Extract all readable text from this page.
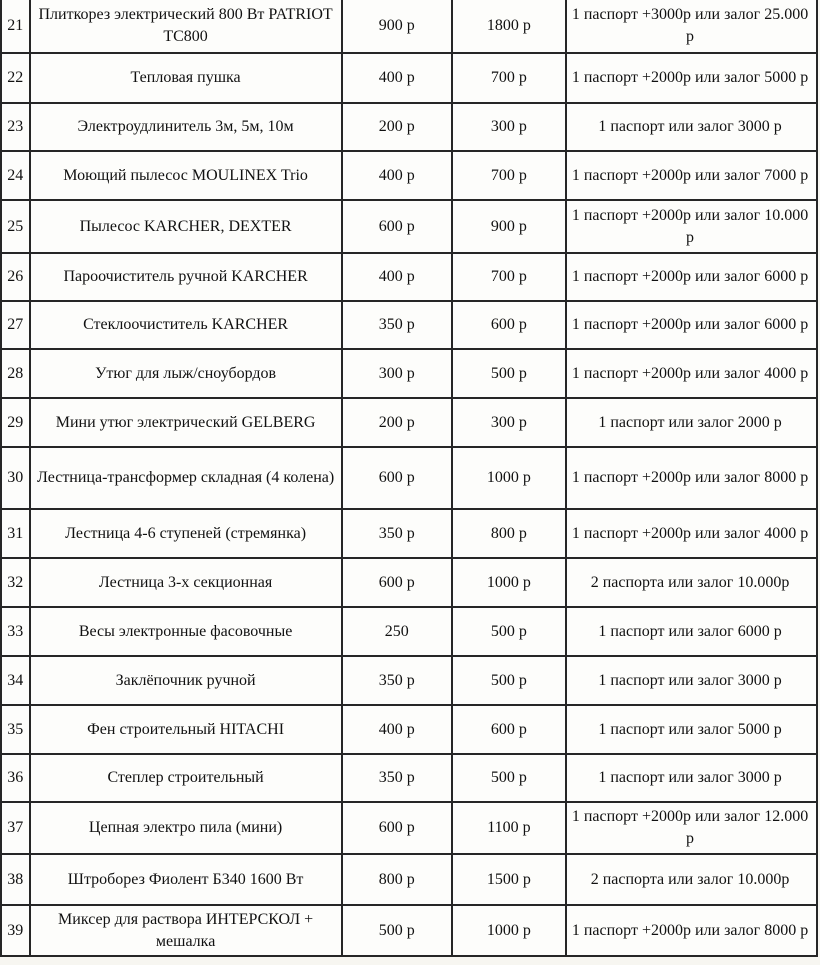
21	Плиткорез электрический 800 Вт PATRIOT TC800	900 р	1800 р	1 паспорт +3000р или залог 25.000 р

22	Тепловая пушка	400 р	700 р	1 паспорт +2000р или залог 5000 р

23	Электроудлинитель 3м, 5м, 10м	200 р	300 р	1 паспорт или залог 3000 р

24	Моющий пылесос MOULINEX Trio	400 р	700 р	1 паспорт +2000р или залог 7000 р

25	Пылесос KARCHER, DEXTER	600 р	900 р	1 паспорт +2000р или залог 10.000 р

26	Пароочиститель ручной KARCHER	400 р	700 р	1 паспорт +2000р или залог 6000 р

27	Стеклоочиститель KARCHER	350 р	600 р	1 паспорт +2000р или залог 6000 р

28	Утюг для лыж/сноубордов	300 р	500 р	1 паспорт +2000р или залог 4000 р

29	Мини утюг электрический GELBERG	200 р	300 р	1 паспорт или залог 2000 р

30	Лестница-трансформер складная (4 колена)	600 р	1000 р	1 паспорт +2000р или залог 8000 р

31	Лестница 4-6 ступеней (стремянка)	350 р	800 р	1 паспорт +2000р или залог 4000 р

32	Лестница 3-х секционная	600 р	1000 р	2 паспорта или залог 10.000р

33	Весы электронные фасовочные	250	500 р	1 паспорт или залог 6000 р

34	Заклёпочник ручной	350 р	500 р	1 паспорт или залог 3000 р

35	Фен строительный HITACHI	400 р	600 р	1 паспорт или залог 5000 р

36	Степлер строительный	350 р	500 р	1 паспорт или залог 3000 р

37	Цепная электро пила (мини)	600 р	1100 р	1 паспорт +2000р или залог 12.000 р

38	Штроборез Фиолент Б340 1600 Вт	800 р	1500 р	2 паспорта или залог 10.000р

39	Миксер для раствора ИНТЕРСКОЛ + мешалка	500 р	1000 р	1 паспорт +2000р или залог 8000 р
